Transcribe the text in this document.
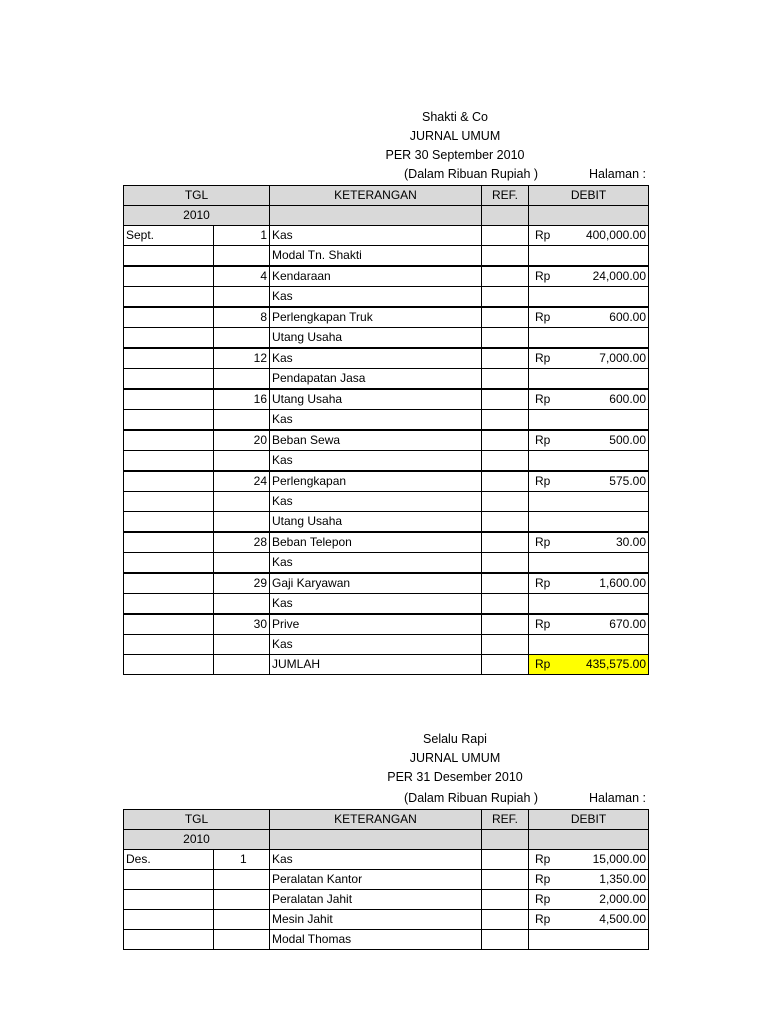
Shakti & Co
JURNAL UMUM
PER 30 September 2010
(Dalam Ribuan Rupiah )	Halaman :
TGL		KETERANGAN	REF.	DEBIT	
2010					
Sept.	1	Kas		Rp	400,000.00
		Modal Tn. Shakti			
	4	Kendaraan		Rp	24,000.00
		Kas			
	8	Perlengkapan Truk		Rp	600.00
		Utang Usaha			
	12	Kas		Rp	7,000.00
		Pendapatan Jasa			
	16	Utang Usaha		Rp	600.00
		Kas			
	20	Beban Sewa		Rp	500.00
		Kas			
	24	Perlengkapan		Rp	575.00
		Kas			
		Utang Usaha			
	28	Beban Telepon		Rp	30.00
		Kas			
	29	Gaji Karyawan		Rp	1,600.00
		Kas			
	30	Prive		Rp	670.00
		Kas			
		JUMLAH		Rp	435,575.00
Selalu Rapi
JURNAL UMUM
PER 31 Desember 2010
(Dalam Ribuan Rupiah )	Halaman :
TGL		KETERANGAN	REF.	DEBIT	
2010					
Des.	1	Kas		Rp	15,000.00
		Peralatan Kantor		Rp	1,350.00
		Peralatan Jahit		Rp	2,000.00
		Mesin Jahit		Rp	4,500.00
		Modal Thomas			
